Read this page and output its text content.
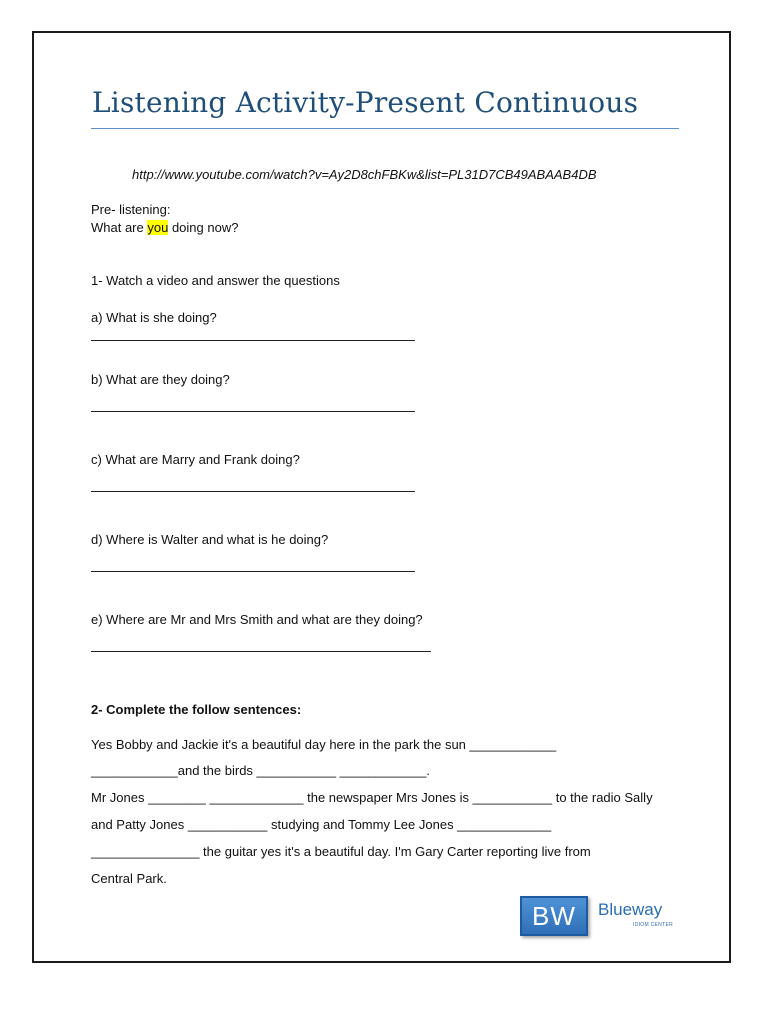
Listening Activity-Present Continuous
http://www.youtube.com/watch?v=Ay2D8chFBKw&list=PL31D7CB49ABAAB4DB
Pre- listening:
What are you doing now?
1- Watch a video and answer the questions
a) What is she doing?
b) What are they doing?
c) What are Marry and Frank doing?
d) Where is Walter and what is he doing?
e) Where are Mr and Mrs Smith and what are they doing?
2- Complete the follow sentences:
Yes Bobby and Jackie it's a beautiful day here in the park the sun ____________
____________and the birds ___________ ____________.
Mr Jones ________ _____________ the newspaper Mrs Jones is ___________ to the radio Sally
and Patty Jones ___________ studying and Tommy Lee Jones _____________
_______________ the guitar yes it's a beautiful day. I'm Gary Carter reporting live from
Central Park.
BW	Blueway
IDIOM CENTER
